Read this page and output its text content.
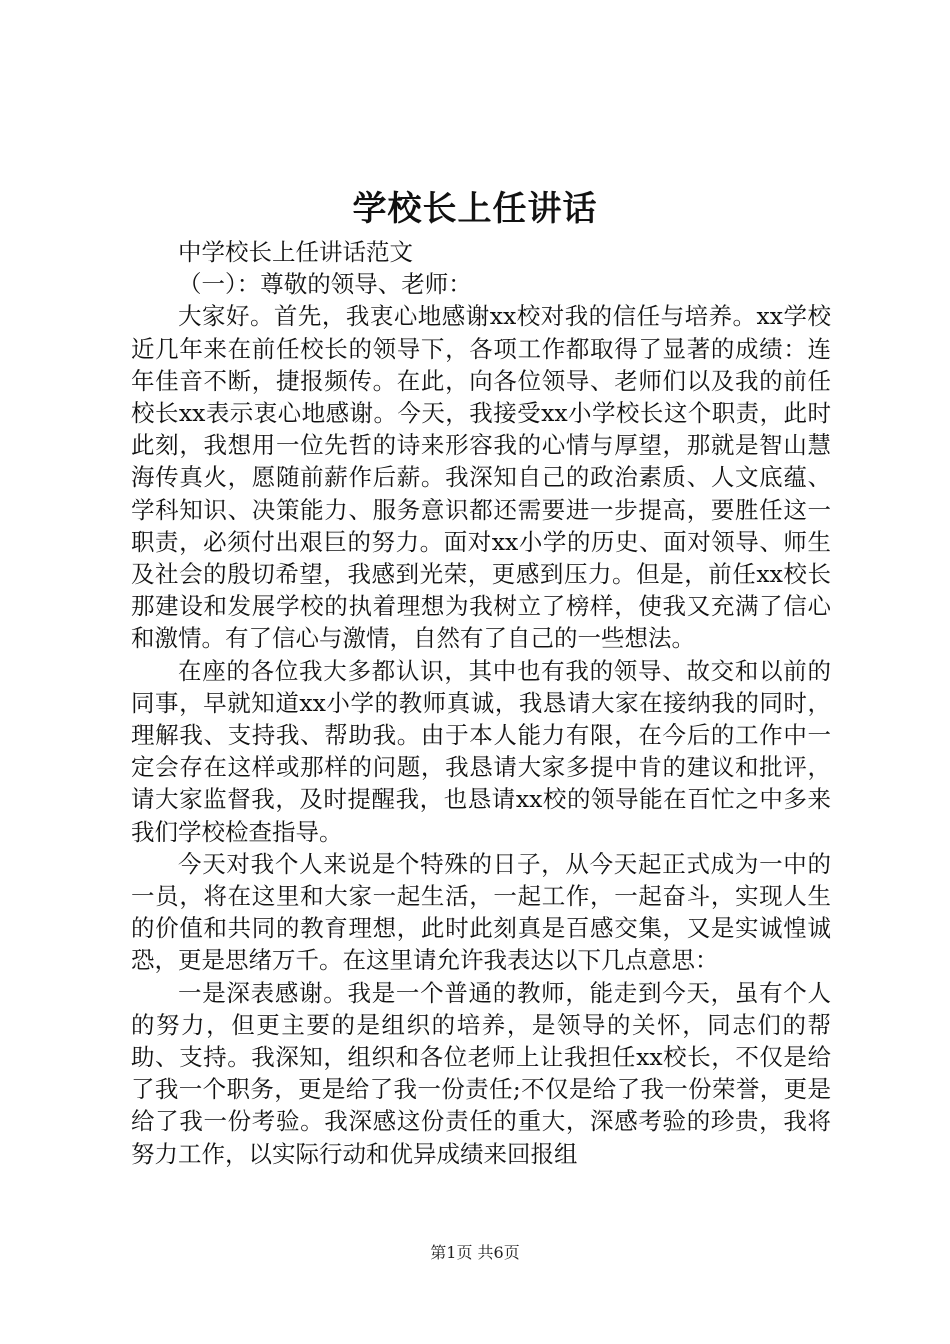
学校长上任讲话

中学校长上任讲话范文

（一）：尊敬的领导、老师：

大家好。首先，我衷心地感谢xx校对我的信任与培养。xx学校近几年来在前任校长的领导下，各项工作都取得了显著的成绩：连年佳音不断，捷报频传。在此，向各位领导、老师们以及我的前任校长xx表示衷心地感谢。今天，我接受xx小学校长这个职责，此时此刻，我想用一位先哲的诗来形容我的心情与厚望，那就是智山慧海传真火，愿随前薪作后薪。我深知自己的政治素质、人文底蕴、学科知识、决策能力、服务意识都还需要进一步提高，要胜任这一职责，必须付出艰巨的努力。面对xx小学的历史、面对领导、师生及社会的殷切希望，我感到光荣，更感到压力。但是，前任xx校长那建设和发展学校的执着理想为我树立了榜样，使我又充满了信心和激情。有了信心与激情，自然有了自己的一些想法。

在座的各位我大多都认识，其中也有我的领导、故交和以前的同事，早就知道xx小学的教师真诚，我恳请大家在接纳我的同时，理解我、支持我、帮助我。由于本人能力有限，在今后的工作中一定会存在这样或那样的问题，我恳请大家多提中肯的建议和批评，请大家监督我，及时提醒我，也恳请xx校的领导能在百忙之中多来我们学校检查指导。

今天对我个人来说是个特殊的日子，从今天起正式成为一中的一员，将在这里和大家一起生活，一起工作，一起奋斗，实现人生的价值和共同的教育理想，此时此刻真是百感交集，又是实诚惶诚恐，更是思绪万千。在这里请允许我表达以下几点意思：

一是深表感谢。我是一个普通的教师，能走到今天，虽有个人的努力，但更主要的是组织的培养，是领导的关怀，同志们的帮助、支持。我深知，组织和各位老师上让我担任xx校长，不仅是给了我一个职务，更是给了我一份责任;不仅是给了我一份荣誉，更是给了我一份考验。我深感这份责任的重大，深感考验的珍贵，我将努力工作，以实际行动和优异成绩来回报组

第1页 共6页
